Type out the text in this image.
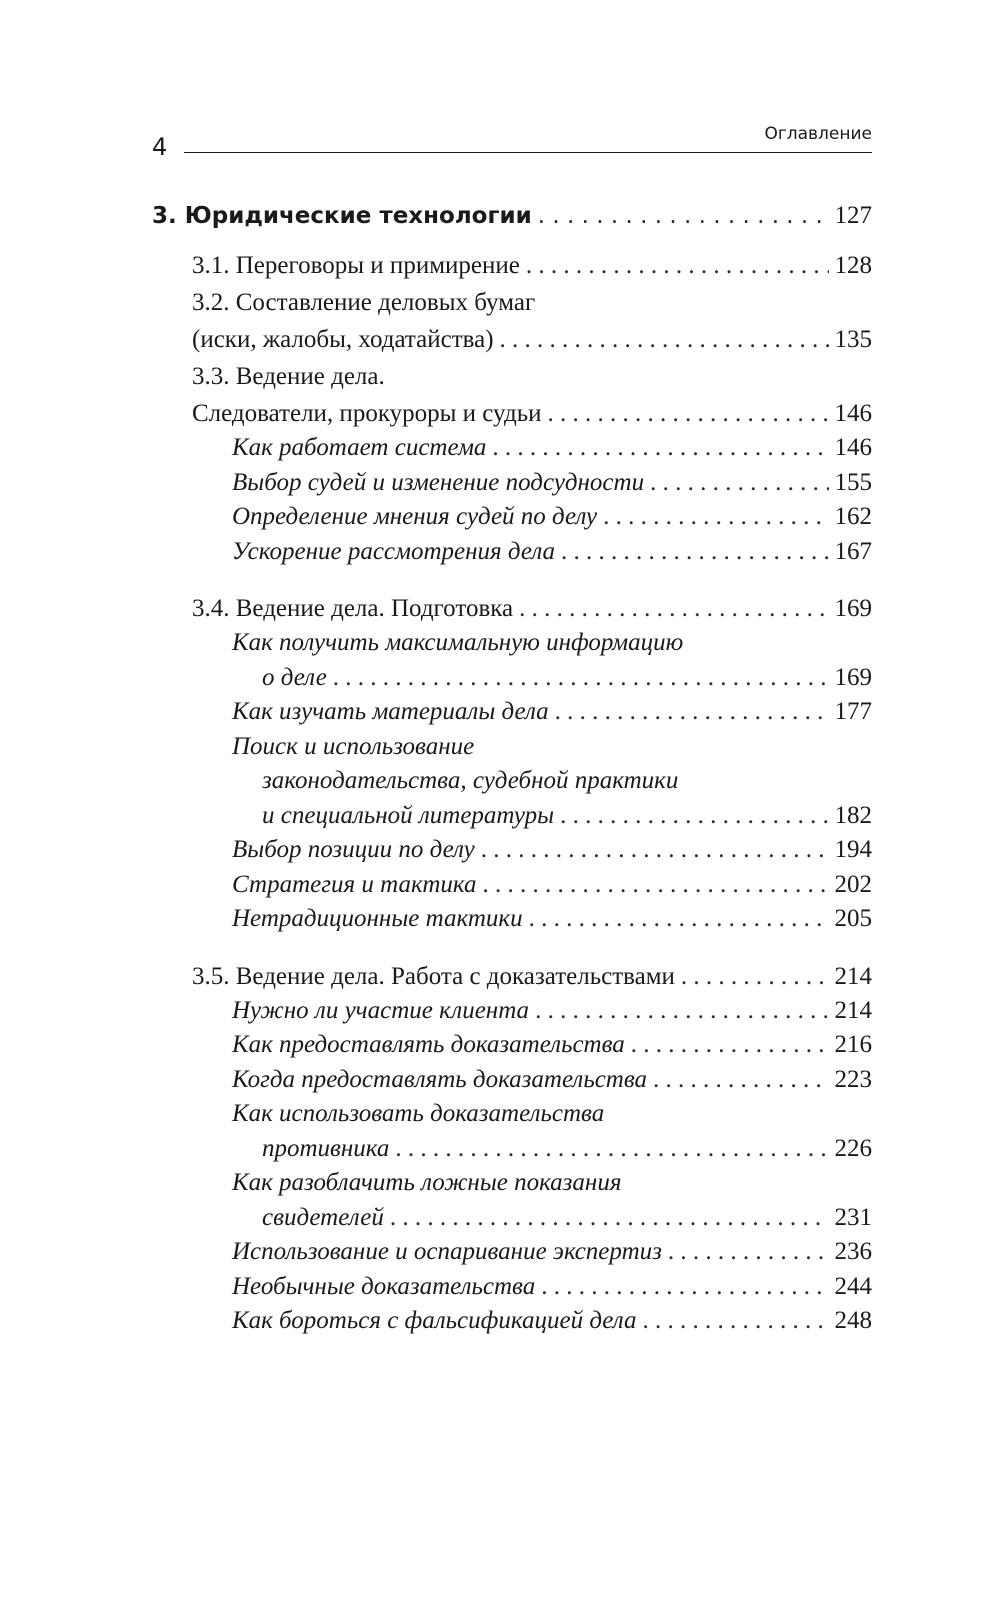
4	Оглавление
3. Юридические технологии . . .	127
3.1. Переговоры и примирение . . .	128
3.2. Составление деловых бумаг
(иски, жалобы, ходатайства) . . .	135
3.3. Ведение дела.
Следователи, прокуроры и судьи . . .	146
Как работает система . . .	146
Выбор судей и изменение подсудности . . .	155
Определение мнения судей по делу . . .	162
Ускорение рассмотрения дела . . .	167
3.4. Ведение дела. Подготовка . . .	169
Как получить максимальную информацию
о деле . . .	169
Как изучать материалы дела . . .	177
Поиск и использование
законодательства, судебной практики
и специальной литературы . . .	182
Выбор позиции по делу . . .	194
Стратегия и тактика . . .	202
Нетрадиционные тактики . . .	205
3.5. Ведение дела. Работа с доказательствами . . .	214
Нужно ли участие клиента . . .	214
Как предоставлять доказательства . . .	216
Когда предоставлять доказательства . . .	223
Как использовать доказательства
противника . . .	226
Как разоблачить ложные показания
свидетелей . . .	231
Использование и оспаривание экспертиз . . .	236
Необычные доказательства . . .	244
Как бороться с фальсификацией дела . . .	248
